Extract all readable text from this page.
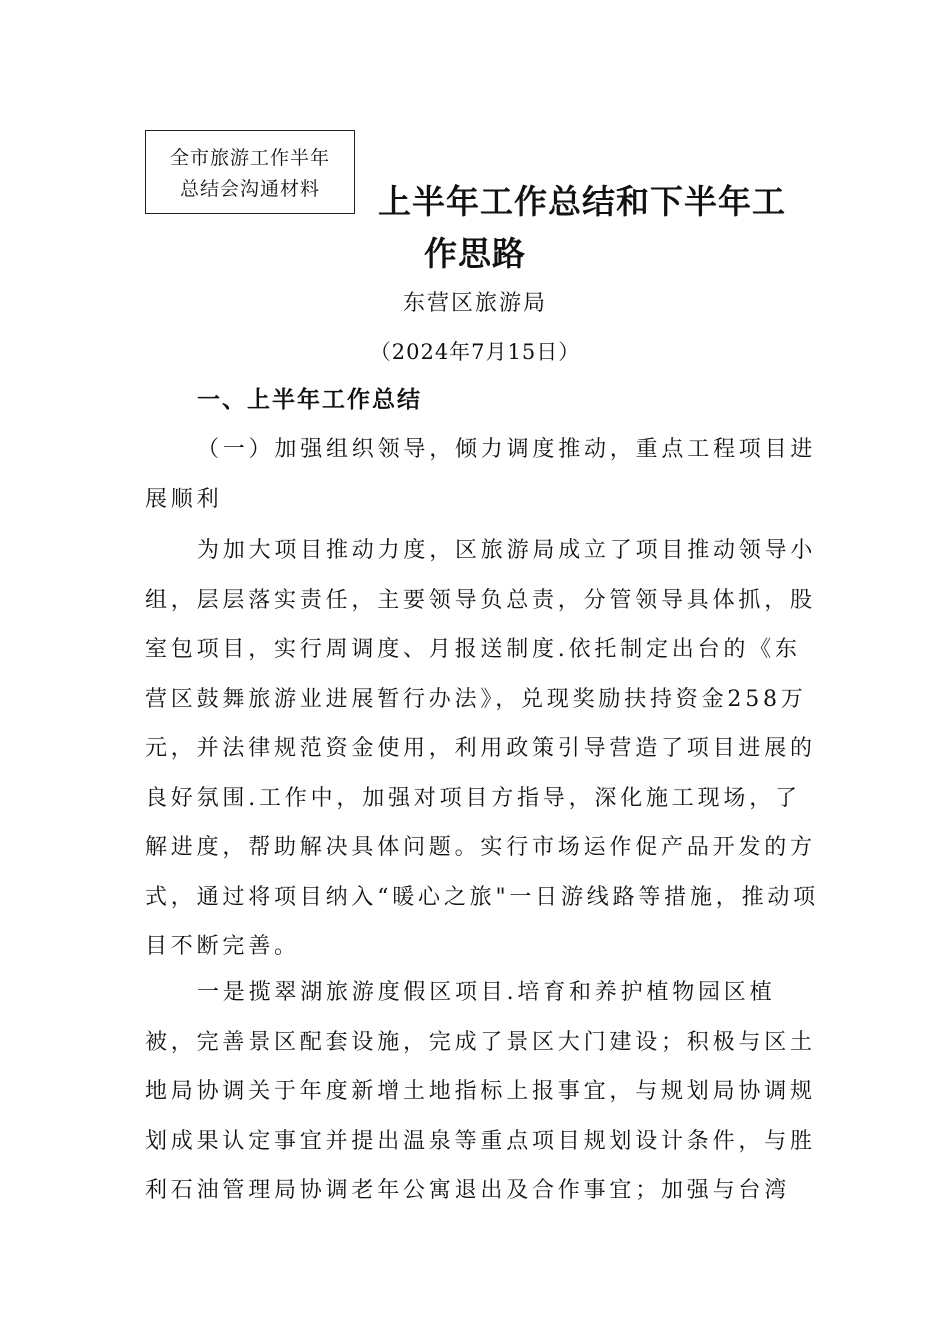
全市旅游工作半年
总结会沟通材料	上半年工作总结和下半年工
作思路
东营区旅游局
（2024年7月15日）
一、上半年工作总结

（一）加强组织领导，倾力调度推动，重点工程项目进展顺利

为加大项目推动力度，区旅游局成立了项目推动领导小组，层层落实责任，主要领导负总责，分管领导具体抓，股室包项目，实行周调度、月报送制度.依托制定出台的《东营区鼓舞旅游业进展暂行办法》，兑现奖励扶持资金258万元，并法律规范资金使用，利用政策引导营造了项目进展的良好氛围.工作中，加强对项目方指导，深化施工现场，了解进度，帮助解决具体问题。实行市场运作促产品开发的方式，通过将项目纳入“暖心之旅"一日游线路等措施，推动项目不断完善。

一是揽翠湖旅游度假区项目.培育和养护植物园区植被，完善景区配套设施，完成了景区大门建设；积极与区土地局协调关于年度新增土地指标上报事宜，与规划局协调规划成果认定事宜并提出温泉等重点项目规划设计条件，与胜利石油管理局协调老年公寓退出及合作事宜；加强与台湾
